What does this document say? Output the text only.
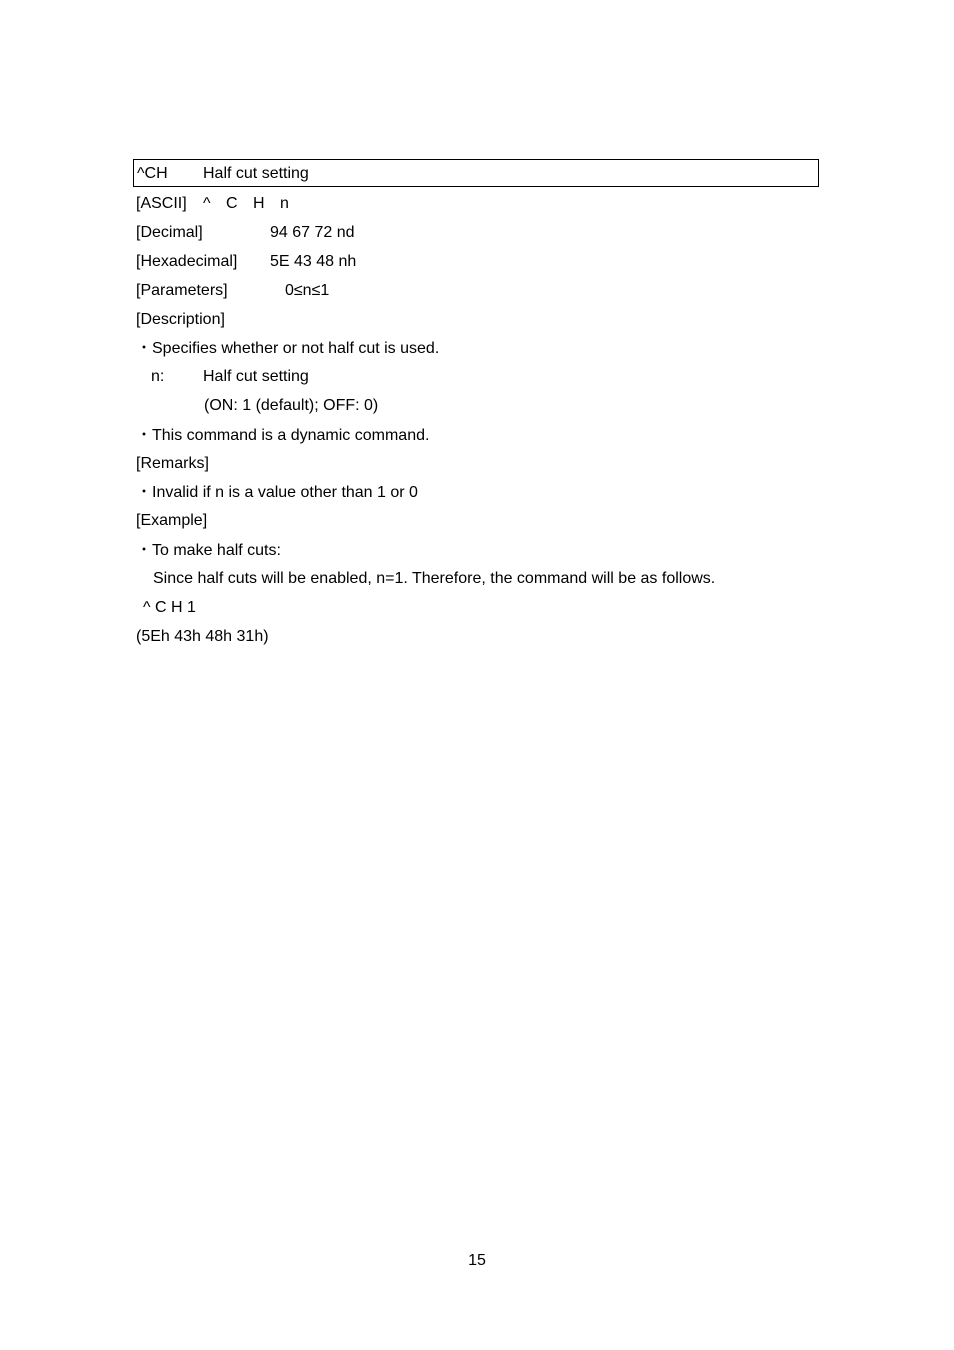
^CH Half cut setting
[ASCII] ^ C H n
[Decimal]	94 67 72 nd
[Hexadecimal] 5E 43 48 nh
[Parameters]	0≤n≤1
[Description]
・Specifies whether or not half cut is used.
n: Half cut setting
(ON: 1 (default); OFF: 0)
・This command is a dynamic command.
[Remarks]
・Invalid if n is a value other than 1 or 0
[Example]
・To make half cuts:
Since half cuts will be enabled, n=1. Therefore, the command will be as follows.
^ C H 1
(5Eh 43h 48h 31h)
15
